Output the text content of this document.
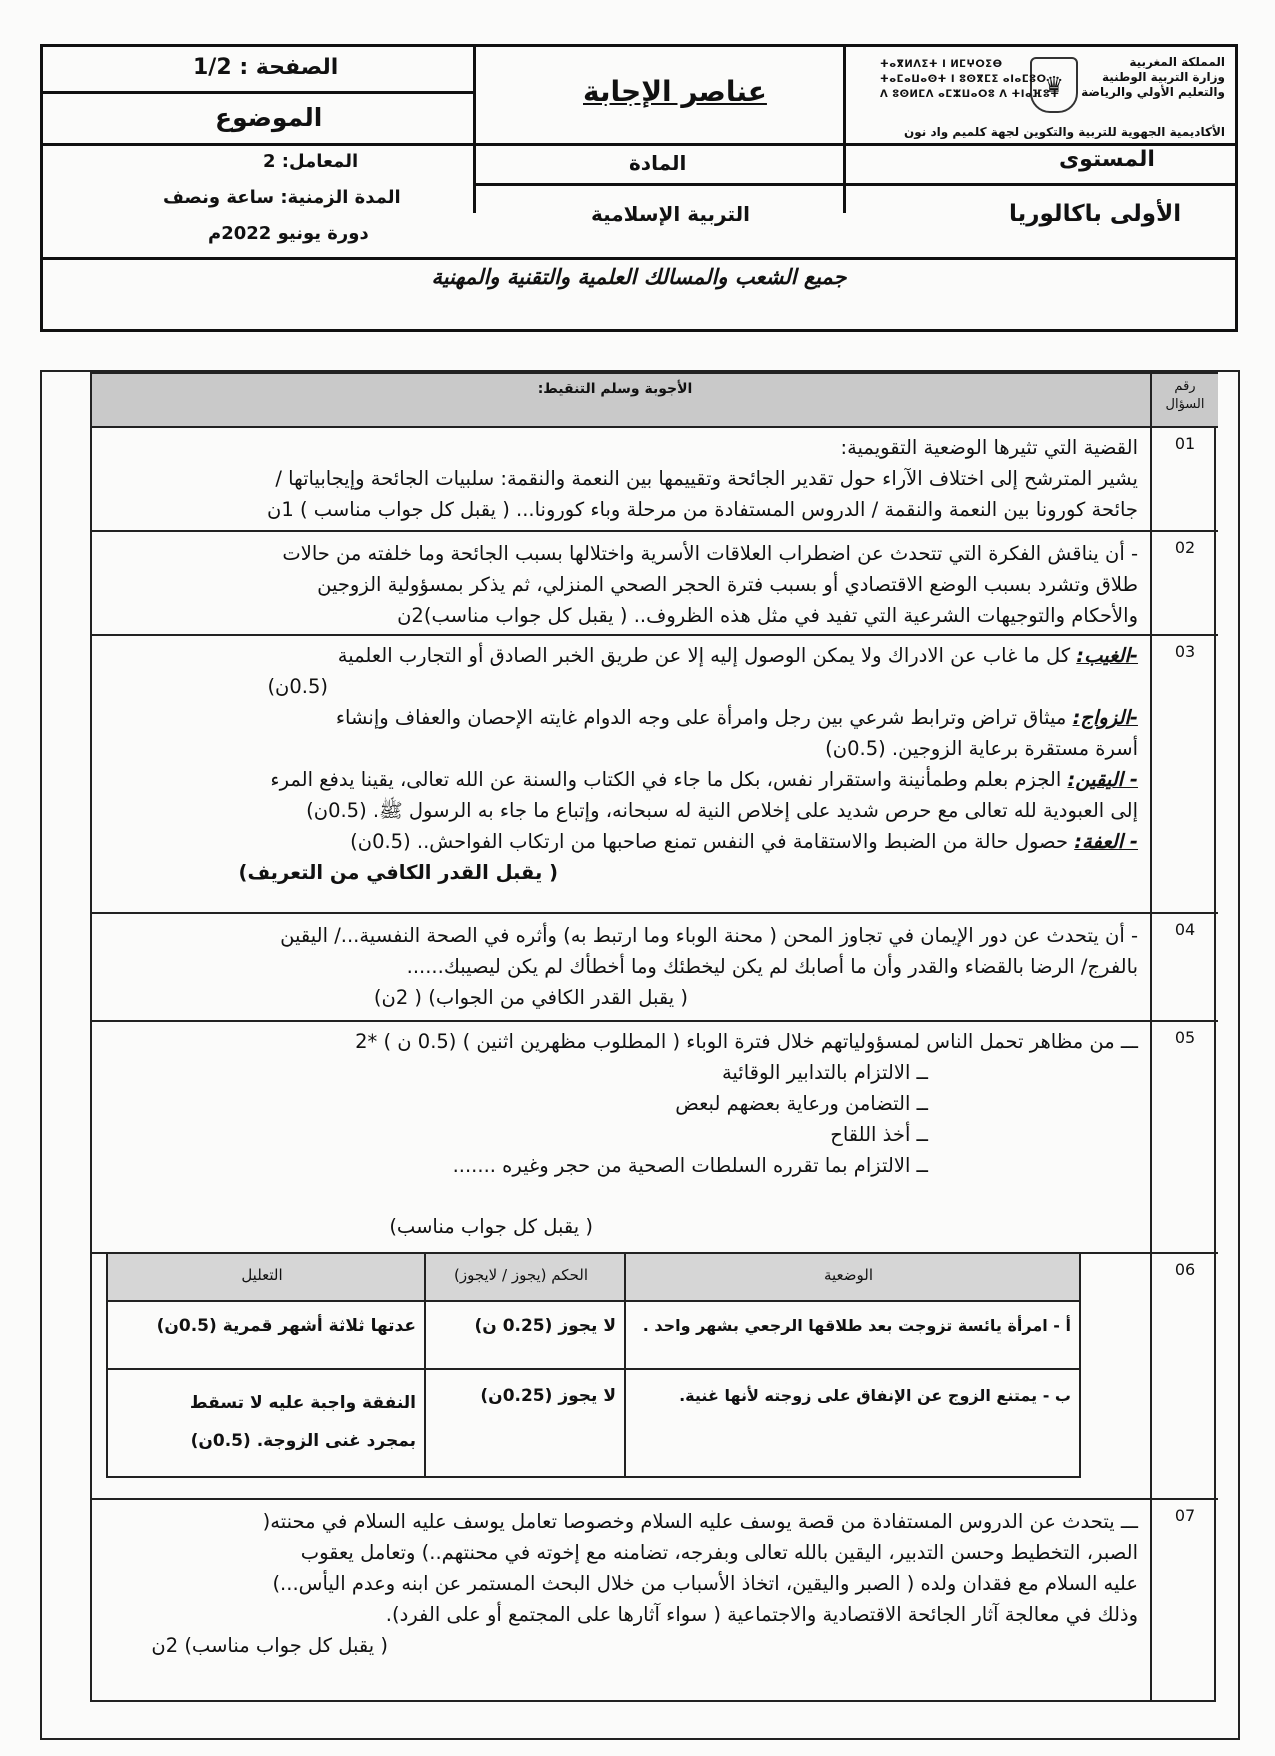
الصفحة : 1/2
الموضوع
المعامل: 2
المدة الزمنية: ساعة ونصف
دورة يونيو 2022م
عناصر الإجابة
المادة
التربية الإسلامية
المملكة المغربية
وزارة التربية الوطنية
والتعليم الأولي والرياضة
♛
ⵜⴰⴳⵍⴷⵉⵜ ⵏ ⵍⵎⵖⵔⵉⴱ
ⵜⴰⵎⴰⵡⴰⵙⵜ ⵏ ⵓⵙⴳⵎⵉ ⴰⵏⴰⵎⵓⵔ
ⴷ ⵓⵙⵍⵎⴷ ⴰⵎⵣⵡⴰⵔⵓ ⴷ ⵜⵏⴰⴼⵓⵜ
الأكاديمية الجهوية للتربية والتكوين لجهة كلميم واد نون
المستوى
الأولى باكالوريا
جميع الشعب والمسالك العلمية والتقنية والمهنية
رقم
السؤال
الأجوبة وسلم التنقيط:
01
القضية التي تثيرها الوضعية التقويمية:
يشير المترشح إلى اختلاف الآراء حول تقدير الجائحة وتقييمها بين النعمة والنقمة: سلبيات الجائحة وإيجابياتها /
جائحة كورونا بين النعمة والنقمة / الدروس المستفادة من مرحلة وباء كورونا... ( يقبل كل جواب مناسب ) 1ن
02
- أن يناقش الفكرة التي تتحدث عن اضطراب العلاقات الأسرية واختلالها بسبب الجائحة وما خلفته من حالات
طلاق وتشرد بسبب الوضع الاقتصادي أو بسبب فترة الحجر الصحي المنزلي، ثم يذكر بمسؤولية الزوجين
والأحكام والتوجيهات الشرعية التي تفيد في مثل هذه الظروف.. ( يقبل كل جواب مناسب)2ن
03
-الغيب: كل ما غاب عن الادراك ولا يمكن الوصول إليه إلا عن طريق الخبر الصادق أو التجارب العلمية
(0.5ن)
-الزواج: ميثاق تراض وترابط شرعي بين رجل وامرأة على وجه الدوام غايته الإحصان والعفاف وإنشاء
أسرة مستقرة برعاية الزوجين. (0.5ن)
- اليقين: الجزم بعلم وطمأنينة واستقرار نفس، بكل ما جاء في الكتاب والسنة عن الله تعالى، يقينا يدفع المرء
إلى العبودية لله تعالى مع حرص شديد على إخلاص النية له سبحانه، وإتباع ما جاء به الرسول ﷺ. (0.5ن)
- العفة: حصول حالة من الضبط والاستقامة في النفس تمنع صاحبها من ارتكاب الفواحش.. (0.5ن)
( يقبل القدر الكافي من التعريف)
04
- أن يتحدث عن دور الإيمان في تجاوز المحن ( محنة الوباء وما ارتبط به) وأثره في الصحة النفسية.../ اليقين
بالفرج/ الرضا بالقضاء والقدر وأن ما أصابك لم يكن ليخطئك وما أخطأك لم يكن ليصيبك......
( يقبل القدر الكافي من الجواب) ( 2ن)
05
ـــ من مظاهر تحمل الناس لمسؤولياتهم خلال فترة الوباء ( المطلوب مظهرين اثنين ) (0.5 ن ) *2
ــ الالتزام بالتدابير الوقائية
ــ التضامن ورعاية بعضهم لبعض
ــ أخذ اللقاح
ــ الالتزام بما تقرره السلطات الصحية من حجر وغيره .......
( يقبل كل جواب مناسب)
06
الوضعية
الحكم (يجوز / لايجوز)
التعليل
أ - امرأة يائسة تزوجت بعد طلاقها الرجعي بشهر واحد .
لا يجوز (0.25 ن)
عدتها ثلاثة أشهر قمرية (0.5ن)
ب - يمتنع الزوج عن الإنفاق على زوجته لأنها غنية.
لا يجوز (0.25ن)
النفقة واجبة عليه لا تسقط
بمجرد غنى الزوجة. (0.5ن)
07
ـــ يتحدث عن الدروس المستفادة من قصة يوسف عليه السلام وخصوصا تعامل يوسف عليه السلام في محنته(
الصبر، التخطيط وحسن التدبير، اليقين بالله تعالى وبفرجه، تضامنه مع إخوته في محنتهم..) وتعامل يعقوب
عليه السلام مع فقدان ولده ( الصبر واليقين، اتخاذ الأسباب من خلال البحث المستمر عن ابنه وعدم اليأس...)
وذلك في معالجة آثار الجائحة الاقتصادية والاجتماعية ( سواء آثارها على المجتمع أو على الفرد).
( يقبل كل جواب مناسب) 2ن
